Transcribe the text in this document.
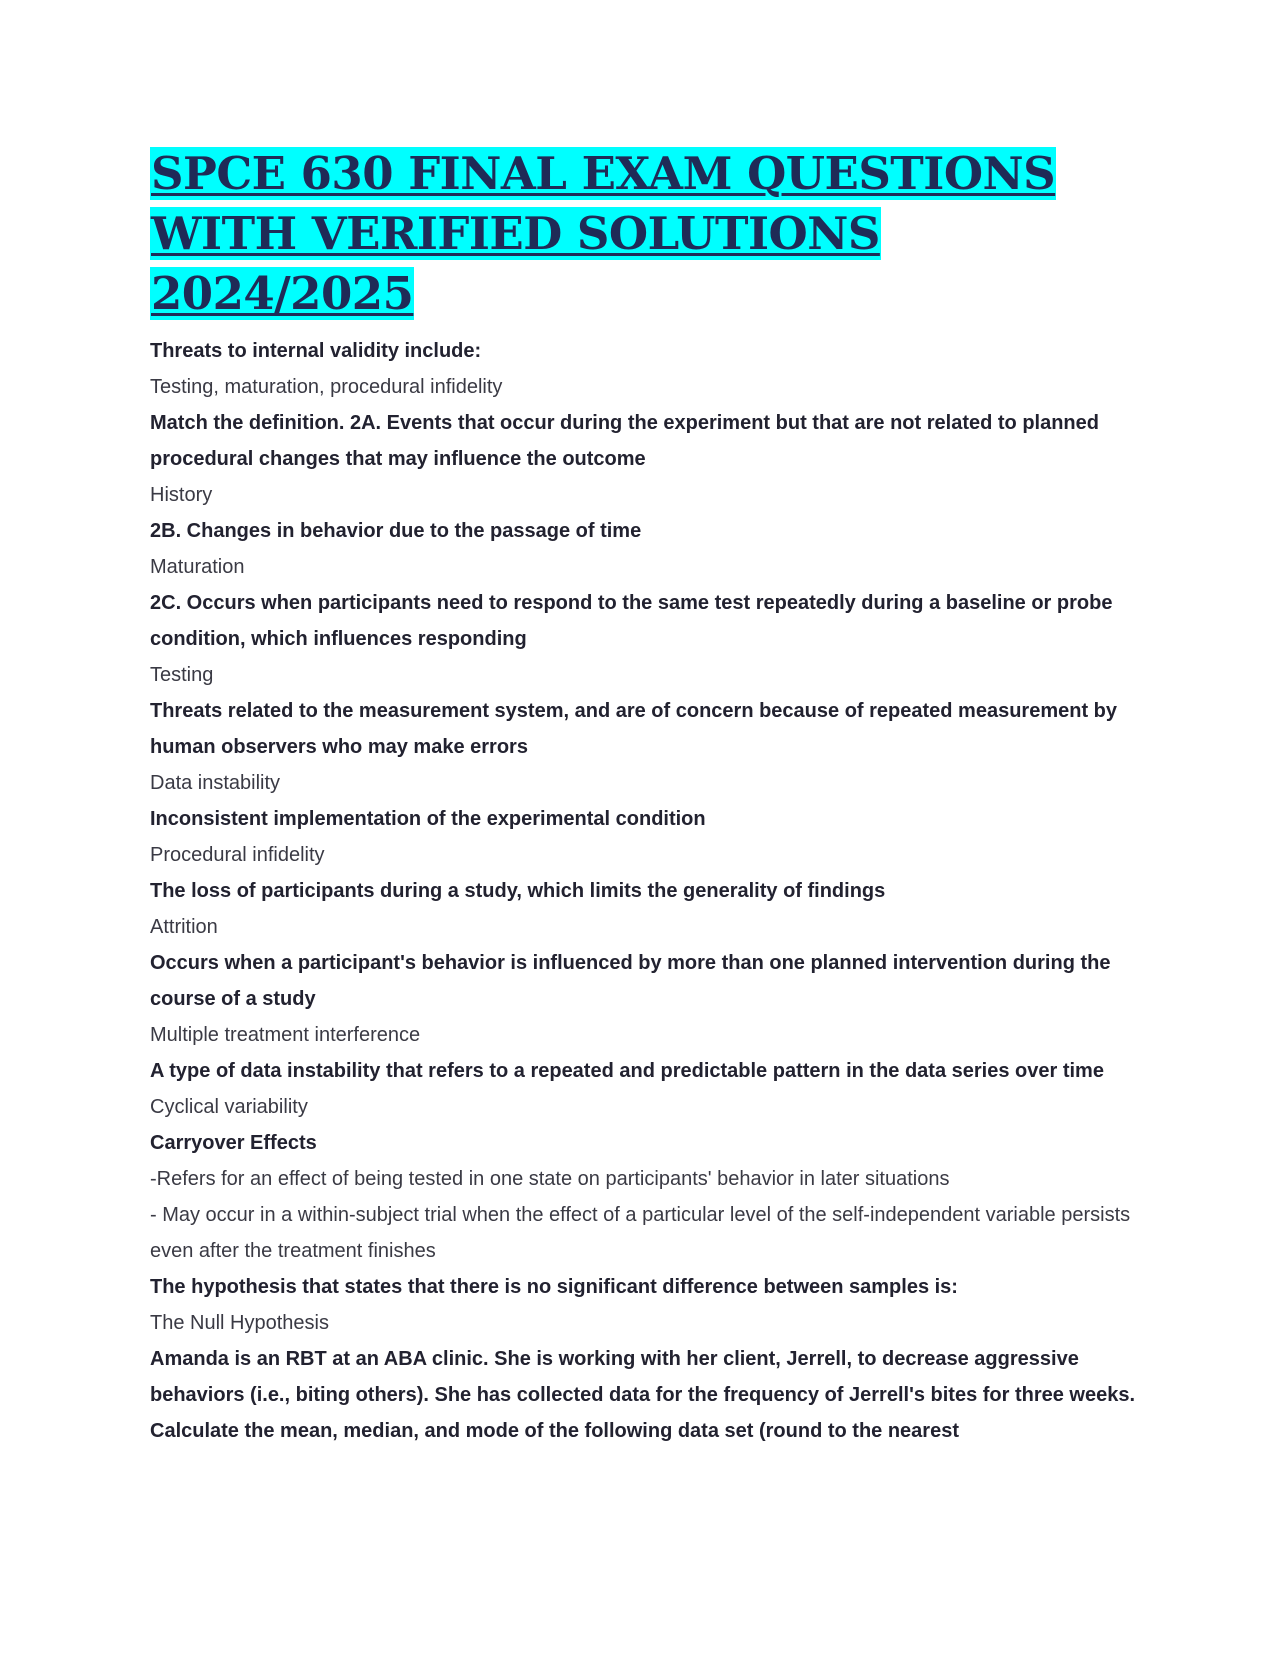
SPCE 630 FINAL EXAM QUESTIONS WITH VERIFIED SOLUTIONS 2024/2025

Threats to internal validity include:

Testing, maturation, procedural infidelity

Match the definition. 2A. Events that occur during the experiment but that are not related to planned procedural changes that may influence the outcome

History

2B. Changes in behavior due to the passage of time

Maturation

2C. Occurs when participants need to respond to the same test repeatedly during a baseline or probe condition, which influences responding

Testing

Threats related to the measurement system, and are of concern because of repeated measurement by human observers who may make errors

Data instability

Inconsistent implementation of the experimental condition

Procedural infidelity

The loss of participants during a study, which limits the generality of findings

Attrition

Occurs when a participant's behavior is influenced by more than one planned intervention during the course of a study

Multiple treatment interference

A type of data instability that refers to a repeated and predictable pattern in the data series over time

Cyclical variability

Carryover Effects

-Refers for an effect of being tested in one state on participants' behavior in later situations

- May occur in a within-subject trial when the effect of a particular level of the self-independent variable persists even after the treatment finishes

The hypothesis that states that there is no significant difference between samples is:

The Null Hypothesis

Amanda is an RBT at an ABA clinic. She is working with her client, Jerrell, to decrease aggressive behaviors (i.e., biting others). She has collected data for the frequency of Jerrell's bites for three weeks. Calculate the mean, median, and mode of the following data set (round to the nearest
